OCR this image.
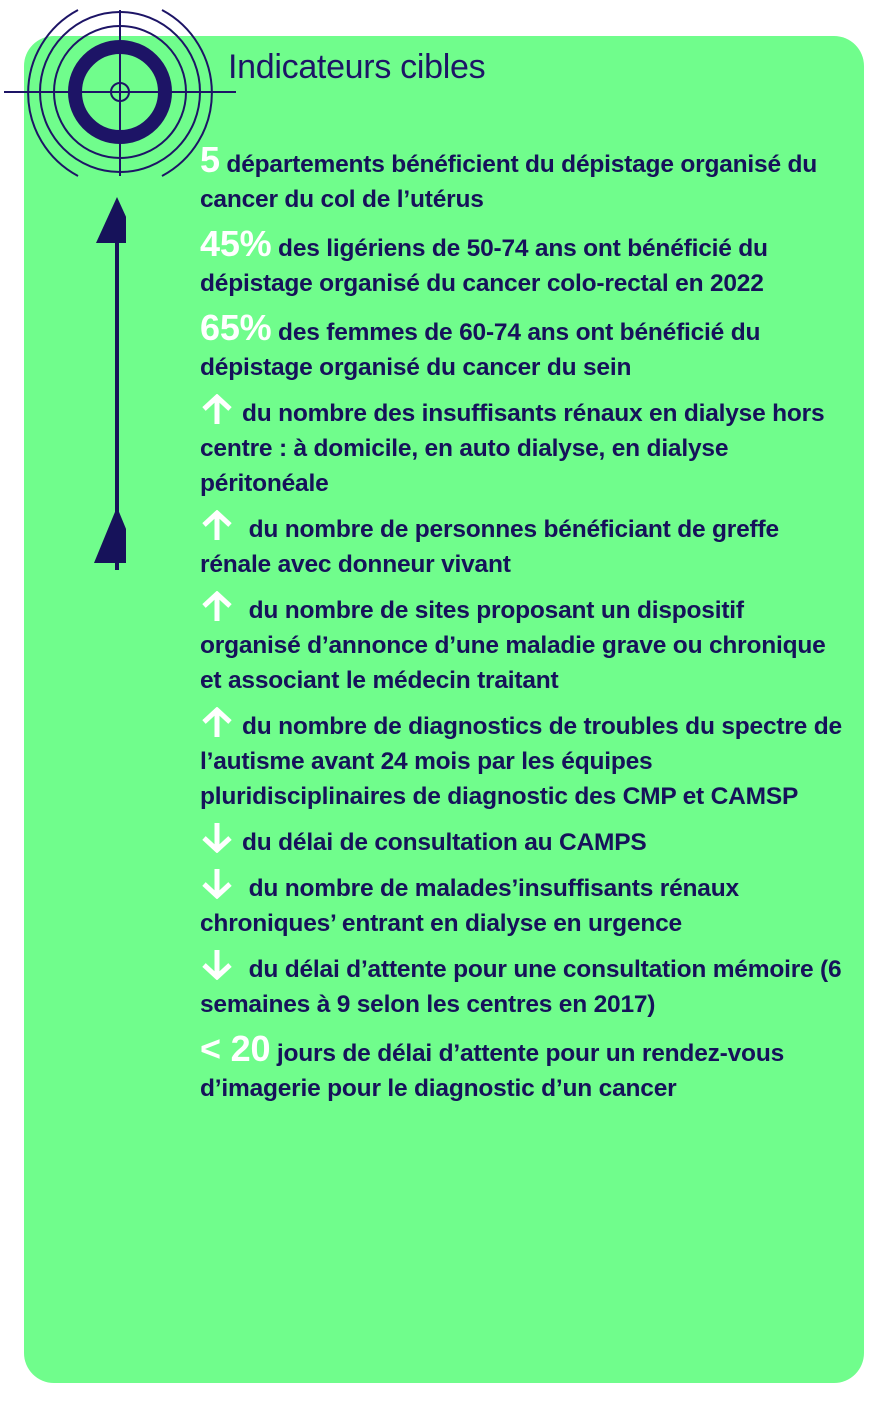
Indicateurs cibles
5 départements bénéficient du dépistage organisé du cancer du col de l’utérus
45% des ligériens de 50-74 ans ont bénéficié du dépistage organisé du cancer colo-rectal en 2022
65% des femmes de 60-74 ans ont bénéficié du dépistage organisé du cancer du sein
du nombre des insuffisants rénaux en dialyse hors centre : à domicile, en auto dialyse, en dialyse péritonéale
du nombre de personnes bénéficiant de greffe rénale avec donneur vivant
du nombre de sites proposant un dispositif organisé d’annonce d’une maladie grave ou chronique et associant le médecin traitant
du nombre de diagnostics de troubles du spectre de l’autisme avant 24 mois par les équipes pluridisciplinaires de diagnostic des CMP et CAMSP
du délai de consultation au CAMPS
du nombre de malades’insuffisants rénaux chroniques’ entrant en dialyse en urgence
du délai d’attente pour une consultation mémoire (6 semaines à 9 selon les centres en 2017)
< 20 jours de délai d’attente pour un rendez-vous d’imagerie pour le diagnostic d’un cancer
